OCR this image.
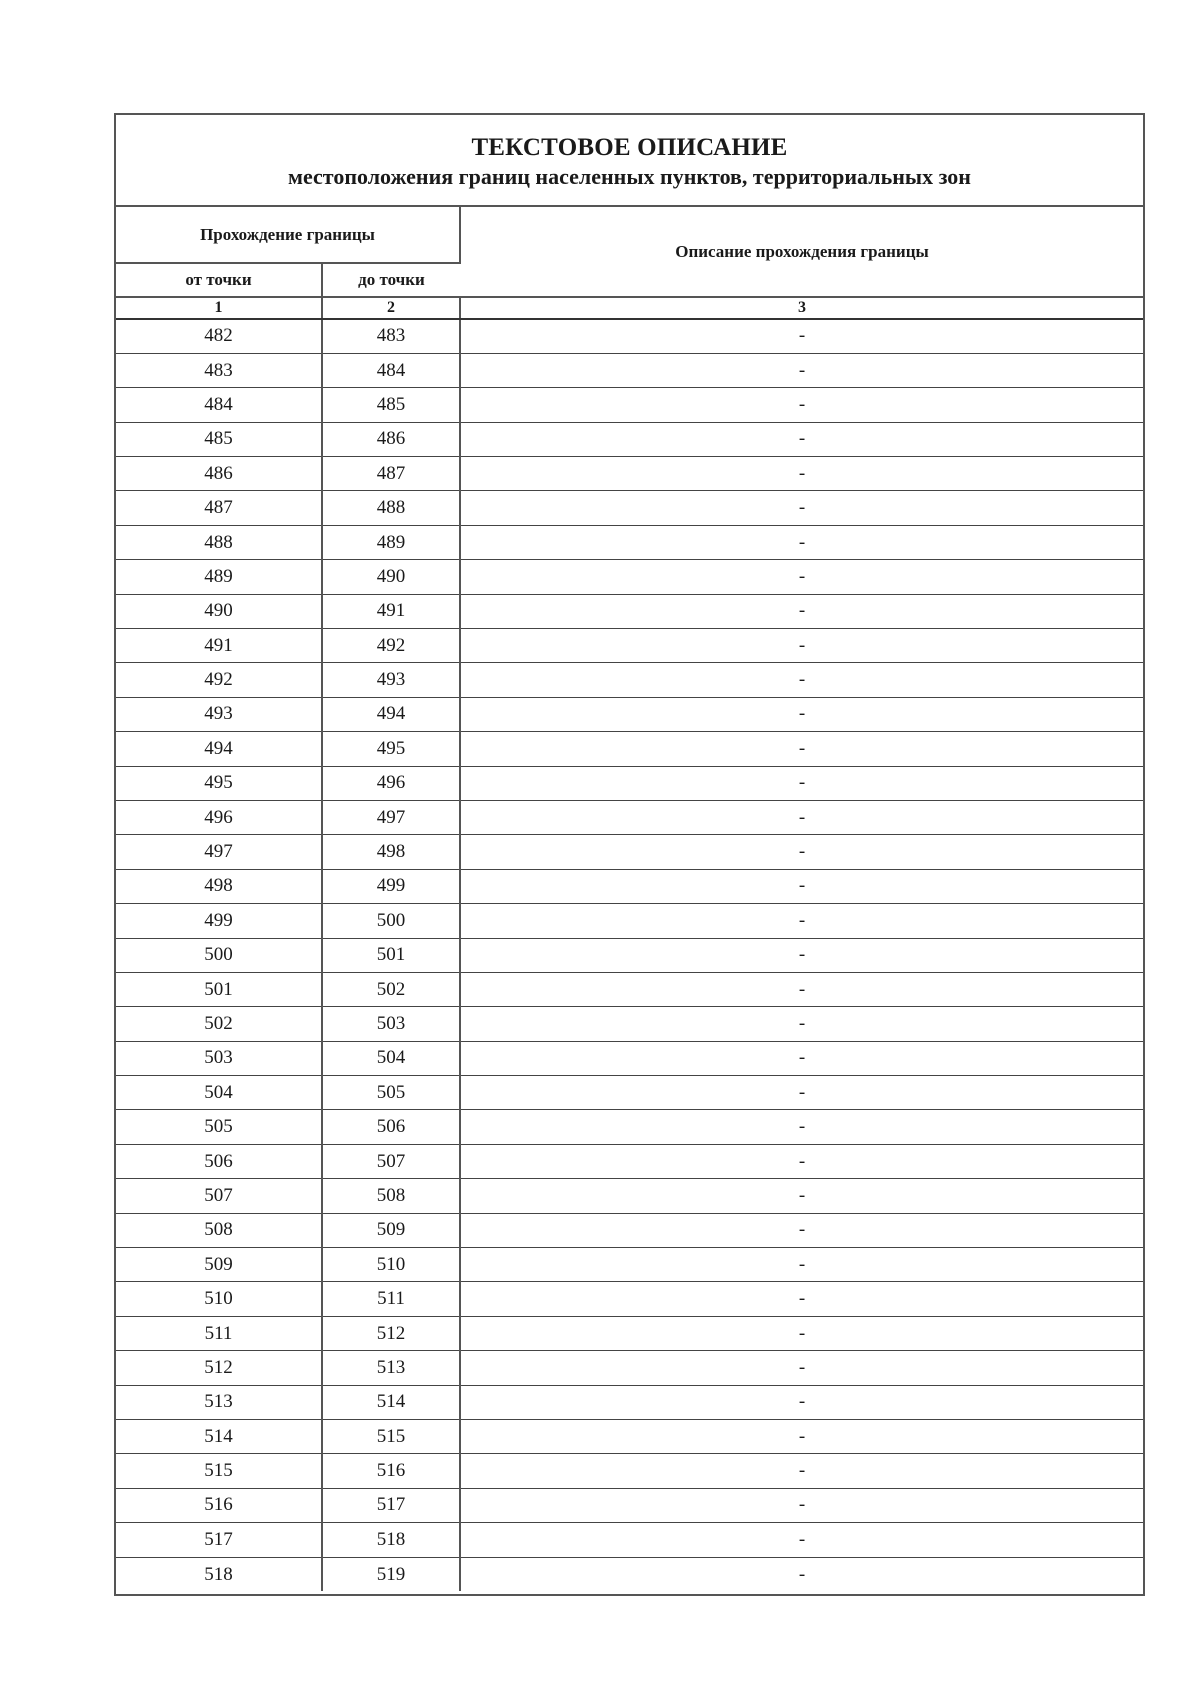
ТЕКСТОВОЕ ОПИСАНИЕ
местоположения границ населенных пунктов, территориальных зон
Прохождение границы		Описание прохождения границы
от точки	до точки	
1	2	3
482	483	-
483	484	-
484	485	-
485	486	-
486	487	-
487	488	-
488	489	-
489	490	-
490	491	-
491	492	-
492	493	-
493	494	-
494	495	-
495	496	-
496	497	-
497	498	-
498	499	-
499	500	-
500	501	-
501	502	-
502	503	-
503	504	-
504	505	-
505	506	-
506	507	-
507	508	-
508	509	-
509	510	-
510	511	-
511	512	-
512	513	-
513	514	-
514	515	-
515	516	-
516	517	-
517	518	-
518	519	-
